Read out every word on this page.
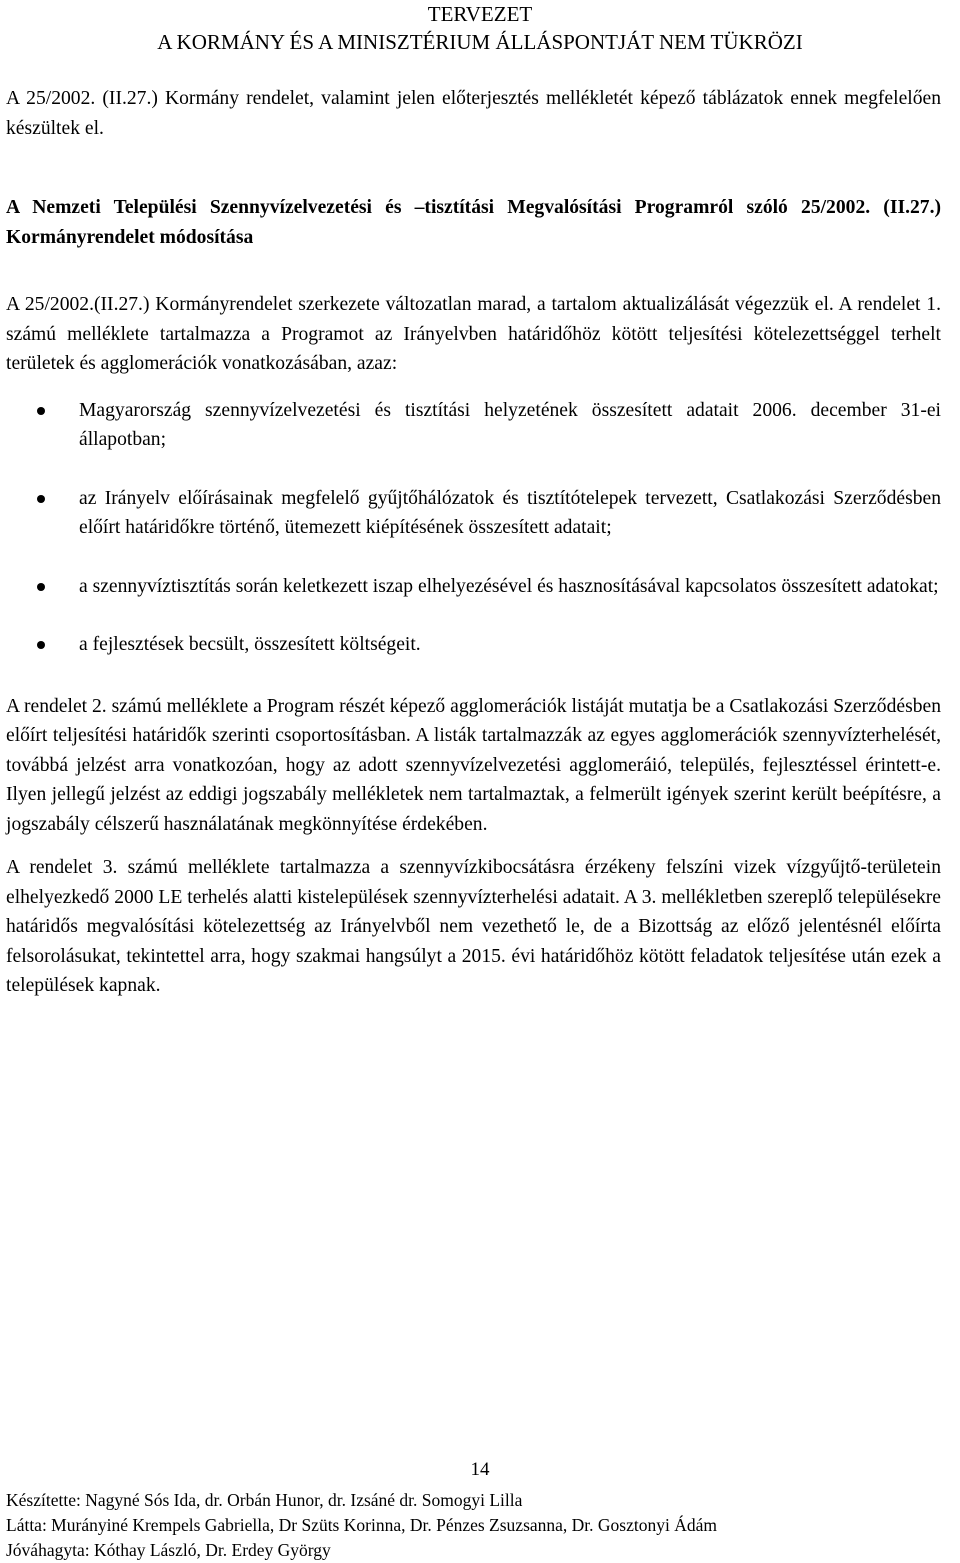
TERVEZET
A KORMÁNY ÉS A MINISZTÉRIUM ÁLLÁSPONTJÁT NEM TÜKRÖZI

A 25/2002. (II.27.) Kormány rendelet, valamint jelen előterjesztés mellékletét képező táblázatok ennek megfelelően készültek el.

A Nemzeti Települési Szennyvízelvezetési és –tisztítási Megvalósítási Programról szóló 25/2002. (II.27.) Kormányrendelet módosítása

A 25/2002.(II.27.) Kormányrendelet szerkezete változatlan marad, a tartalom aktualizálását végezzük el. A rendelet 1. számú melléklete tartalmazza a Programot az Irányelvben határidőhöz kötött teljesítési kötelezettséggel terhelt területek és agglomerációk vonatkozásában, azaz:

Magyarország szennyvízelvezetési és tisztítási helyzetének összesített adatait 2006. december 31-ei állapotban;
az Irányelv előírásainak megfelelő gyűjtőhálózatok és tisztítótelepek tervezett, Csatlakozási Szerződésben előírt határidőkre történő, ütemezett kiépítésének összesített adatait;
a szennyvíztisztítás során keletkezett iszap elhelyezésével és hasznosításával kapcsolatos összesített adatokat;
a fejlesztések becsült, összesített költségeit.

A rendelet 2. számú melléklete a Program részét képező agglomerációk listáját mutatja be a Csatlakozási Szerződésben előírt teljesítési határidők szerinti csoportosításban. A listák tartalmazzák az egyes agglomerációk szennyvízterhelését, továbbá jelzést arra vonatkozóan, hogy az adott szennyvízelvezetési agglomeráió, település, fejlesztéssel érintett-e. Ilyen jellegű jelzést az eddigi jogszabály mellékletek nem tartalmaztak, a felmerült igények szerint került beépítésre, a jogszabály célszerű használatának megkönnyítése érdekében.

A rendelet 3. számú melléklete tartalmazza a szennyvízkibocsátásra érzékeny felszíni vizek vízgyűjtő-területein elhelyezkedő 2000 LE terhelés alatti kistelepülések szennyvízterhelési adatait. A 3. mellékletben szereplő településekre határidős megvalósítási kötelezettség az Irányelvből nem vezethető le, de a Bizottság az előző jelentésnél előírta felsorolásukat, tekintettel arra, hogy szakmai hangsúlyt a 2015. évi határidőhöz kötött feladatok teljesítése után ezek a települések kapnak.

14
Készítette: Nagyné Sós Ida, dr. Orbán Hunor, dr. Izsáné dr. Somogyi Lilla
Látta: Murányiné Krempels Gabriella, Dr Szüts Korinna, Dr. Pénzes Zsuzsanna, Dr. Gosztonyi Ádám
Jóváhagyta: Kóthay László, Dr. Erdey György
